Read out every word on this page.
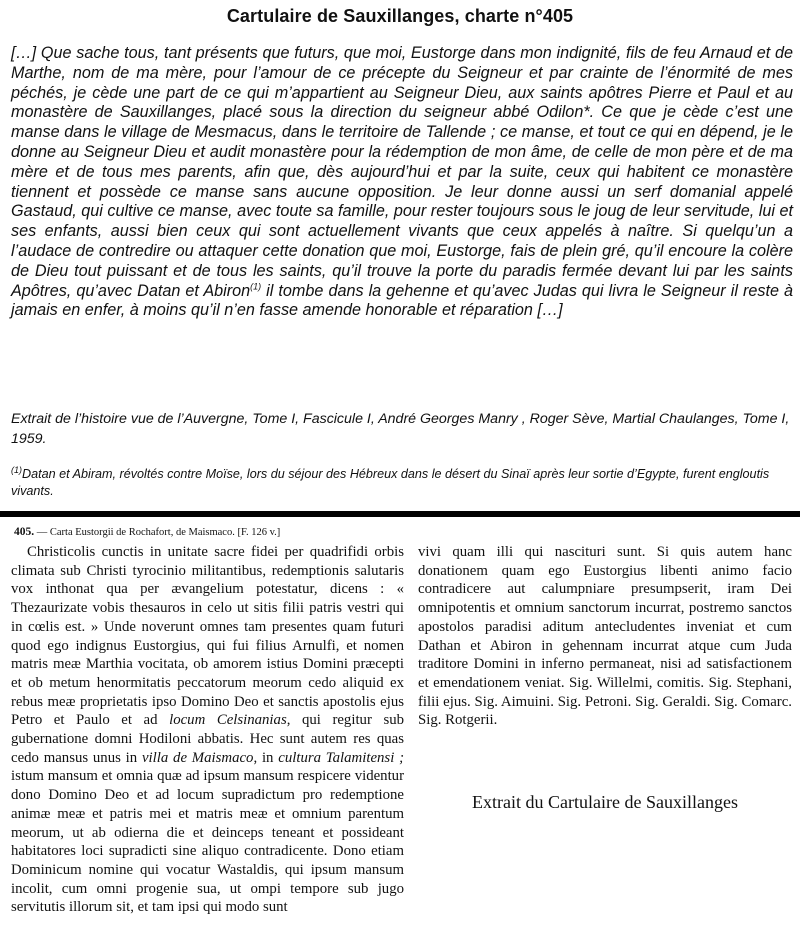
Cartulaire de Sauxillanges, charte n°405
[…] Que sache tous, tant présents que futurs, que moi, Eustorge dans mon indignité, fils de feu Arnaud et de Marthe, nom de ma mère, pour l’amour de ce précepte du Seigneur et par crainte de l’énormité de mes péchés, je cède une part de ce qui m’appartient au Seigneur Dieu, aux saints apôtres Pierre et Paul et au monastère de Sauxillanges, placé sous la direction du seigneur abbé Odilon*. Ce que je cède c’est une manse dans le village de Mesmacus, dans le territoire de Tallende ; ce manse, et tout ce qui en dépend, je le donne au Seigneur Dieu et audit monastère pour la rédemption de mon âme, de celle de mon père et de ma mère et de tous mes parents, afin que, dès aujourd’hui et par la suite, ceux qui habitent ce monastère tiennent et possède ce manse sans aucune opposition. Je leur donne aussi un serf domanial appelé Gastaud, qui cultive ce manse, avec toute sa famille, pour rester toujours sous le joug de leur servitude, lui et ses enfants, aussi bien ceux qui sont actuellement vivants que ceux appelés à naître. Si quelqu’un a l’audace de contredire ou attaquer cette donation que moi, Eustorge, fais de plein gré, qu’il encoure la colère de Dieu tout puissant et de tous les saints, qu’il trouve la porte du paradis fermée devant lui par les saints Apôtres, qu’avec Datan et Abiron$^{(1)}$ il tombe dans la gehenne et qu’avec Judas qui livra le Seigneur il reste à jamais en enfer, à moins qu’il n’en fasse amende honorable et réparation […]
Extrait de l’histoire vue de l’Auvergne, Tome I, Fascicule I, André Georges Manry , Roger Sève, Martial Chaulanges, Tome I, 1959.
$^{(1)}$Datan et Abiram, révoltés contre Moïse, lors du séjour des Hébreux dans le désert du Sinaï après leur sortie d’Egypte, furent engloutis vivants.
405. — Carta Eustorgii de Rochafort, de Maismaco. [F. 126 v.]
Christicolis cunctis in unitate sacre fidei per quadrifidi orbis climata sub Christi tyrocinio militantibus, redemptionis salutaris vox inthonat qua per ævangelium potestatur, dicens : « Thezaurizate vobis thesauros in celo ut sitis filii patris vestri qui in cœlis est. » Unde noverunt omnes tam presentes quam futuri quod ego indignus Eustorgius, qui fui filius Arnulfi, et nomen matris meæ Marthia vocitata, ob amorem istius Domini præcepti et ob metum henormitatis peccatorum meorum cedo aliquid ex rebus meæ proprietatis ipso Domino Deo et sanctis apostolis ejus Petro et Paulo et ad locum Celsinanias, qui regitur sub gubernatione domni Hodiloni abbatis. Hec sunt autem res quas cedo mansus unus in villa de Maismaco, in cultura Talamitensi ; istum mansum et omnia quæ ad ipsum mansum respicere videntur dono Domino Deo et ad locum supradictum pro redemptione animæ meæ et patris mei et matris meæ et omnium parentum meorum, ut ab odierna die et deinceps teneant et possideant habitatores loci supradicti sine aliquo contradicente. Dono etiam Dominicum nomine qui vocatur Wastaldis, qui ipsum mansum incolit, cum omni progenie sua, ut ompi tempore sub jugo servitutis illorum sit, et tam ipsi qui modo sunt
vivi quam illi qui nascituri sunt. Si quis autem hanc donationem quam ego Eustorgius libenti animo facio contradicere aut calumpniare presumpserit, iram Dei omnipotentis et omnium sanctorum incurrat, postremo sanctos apostolos paradisi aditum antecludentes inveniat et cum Dathan et Abiron in gehennam incurrat atque cum Juda traditore Domini in inferno permaneat, nisi ad satisfactionem et emendationem veniat. Sig. Willelmi, comitis. Sig. Stephani, filii ejus. Sig. Aimuini. Sig. Petroni. Sig. Geraldi. Sig. Comarc. Sig. Rotgerii.
Extrait du Cartulaire de Sauxillanges
